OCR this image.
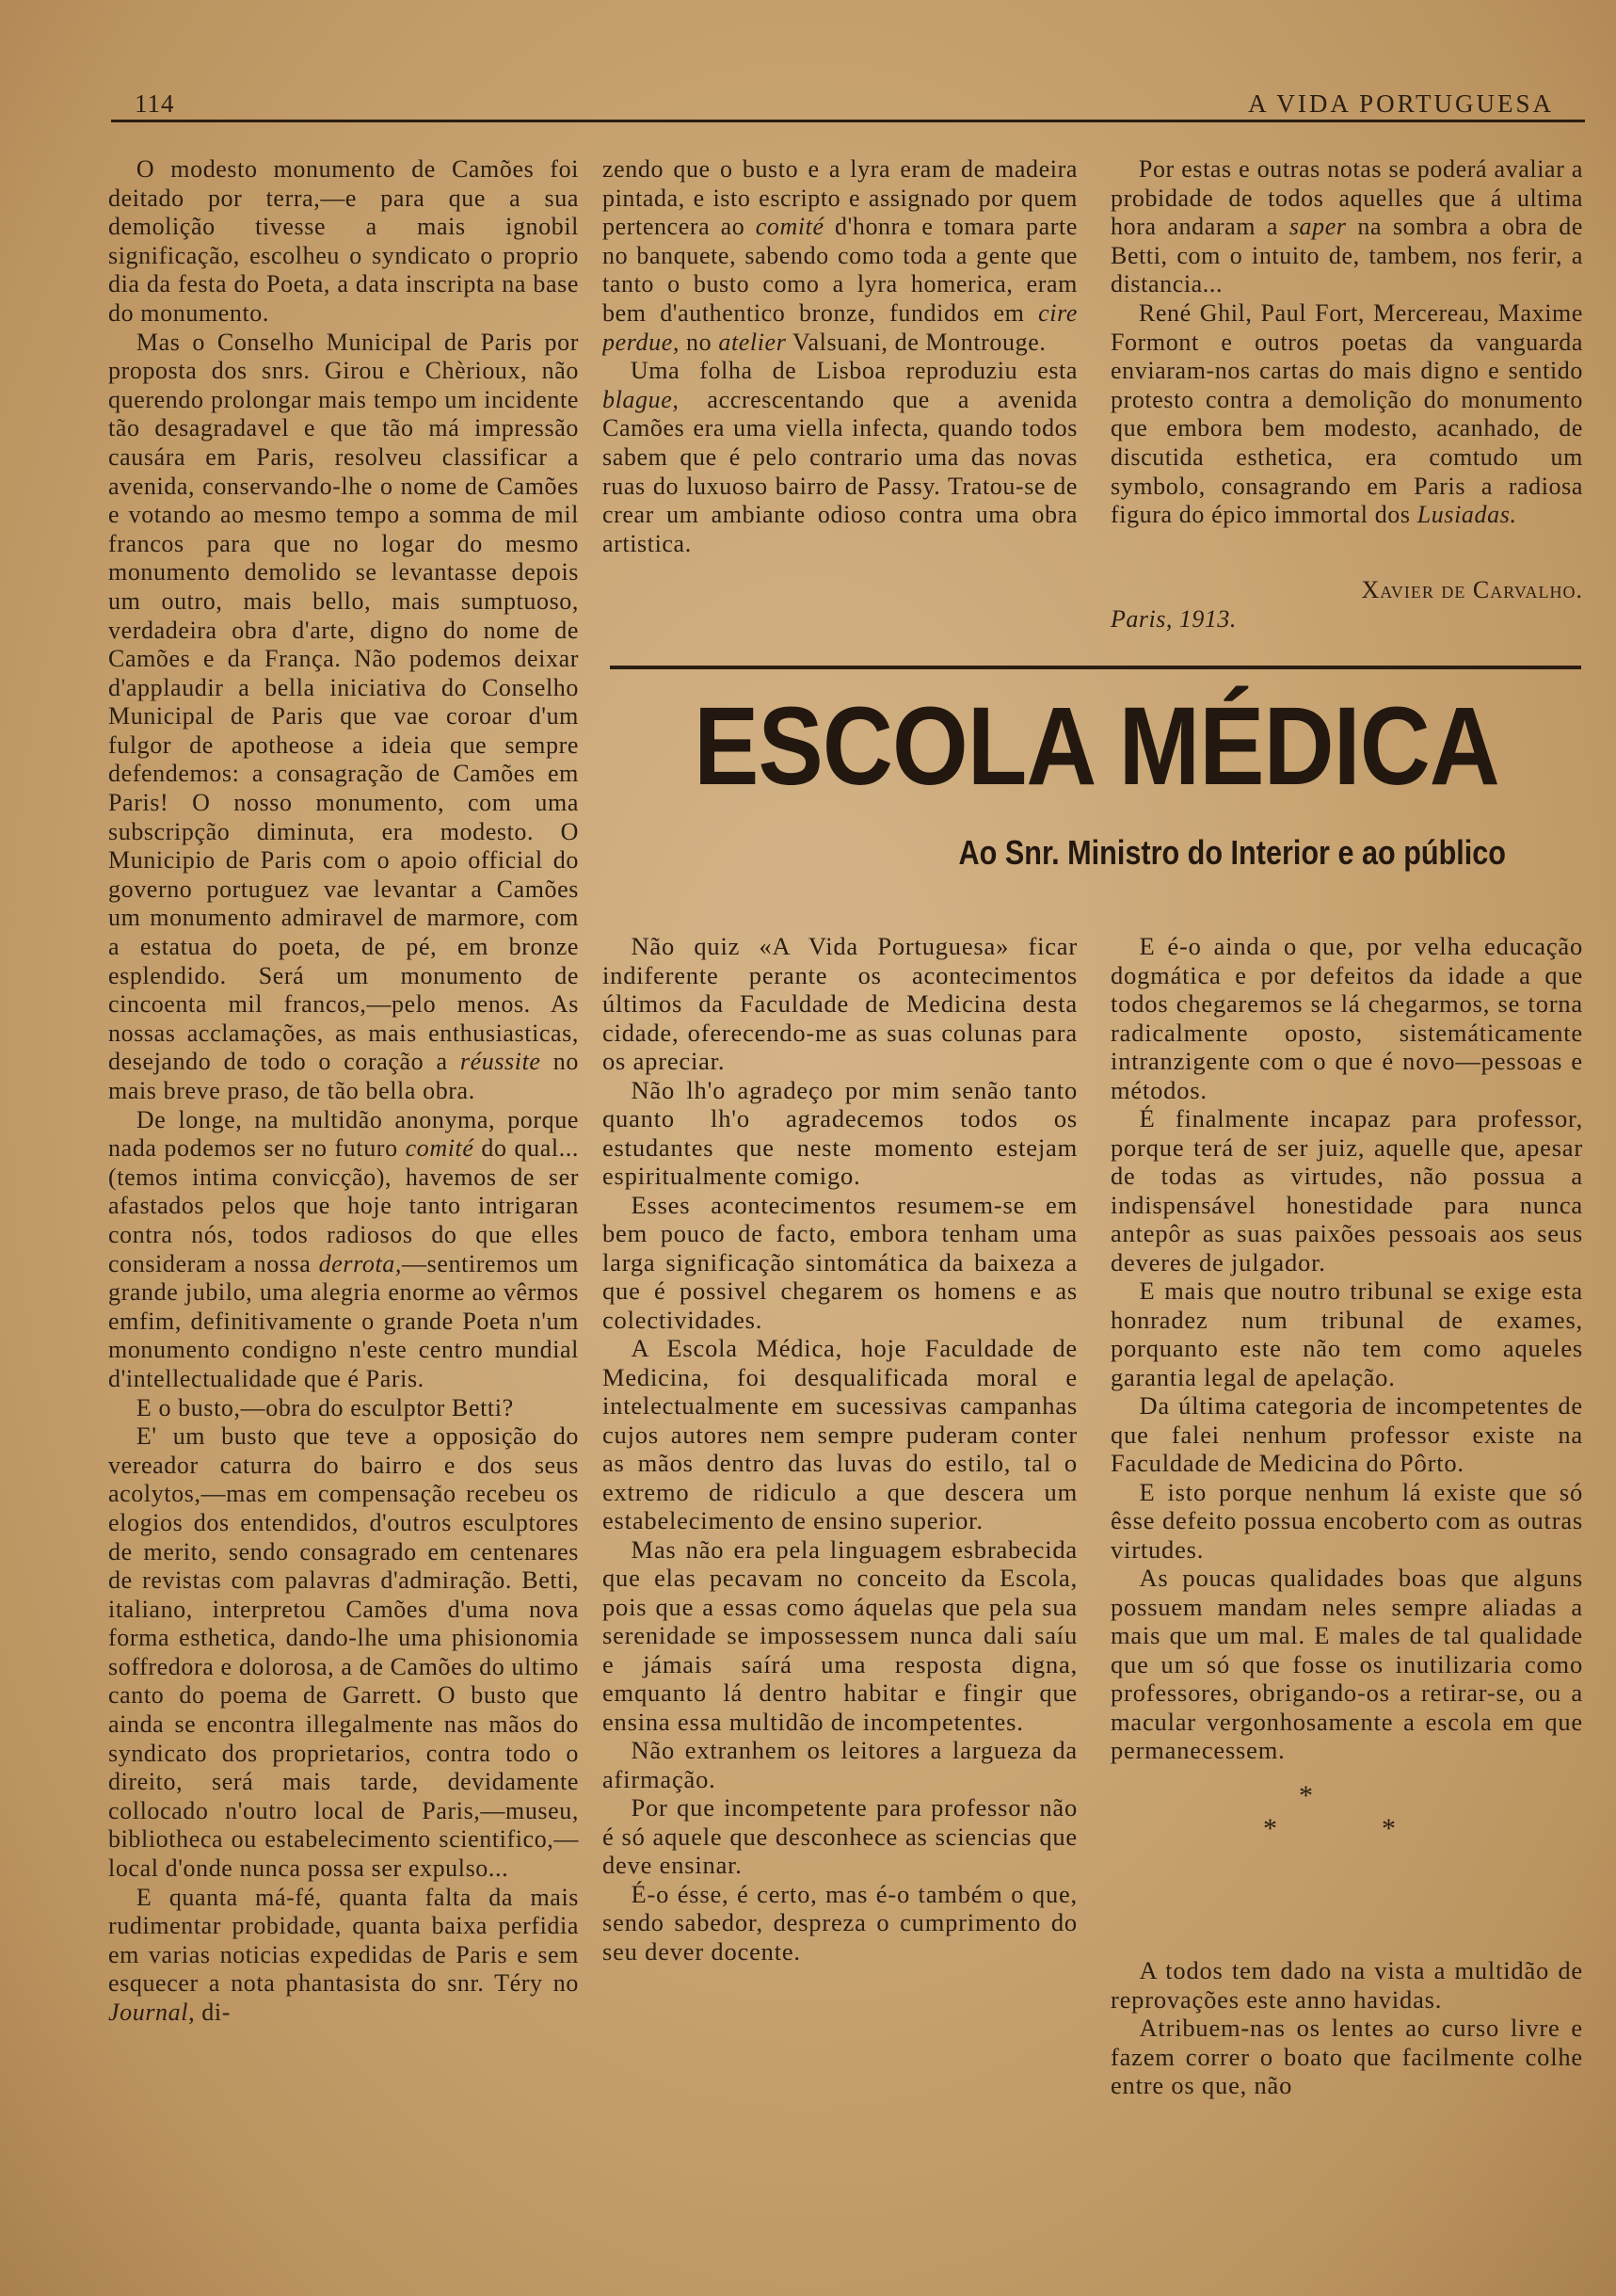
114	A VIDA PORTUGUESA

O modesto monumento de Camões foi deitado por terra,—e para que a sua demolição tivesse a mais ignobil significação, escolheu o syndicato o proprio dia da festa do Poeta, a data inscripta na base do monumento.

Mas o Conselho Municipal de Paris por proposta dos snrs. Girou e Chèrioux, não querendo prolongar mais tempo um incidente tão desagradavel e que tão má impressão causára em Paris, resolveu classificar a avenida, conservando-lhe o nome de Camões e votando ao mesmo tempo a somma de mil francos para que no logar do mesmo monumento demolido se levantasse depois um outro, mais bello, mais sumptuoso, verdadeira obra d'arte, digno do nome de Camões e da França. Não podemos deixar d'applaudir a bella iniciativa do Conselho Municipal de Paris que vae coroar d'um fulgor de apotheose a ideia que sempre defendemos: a consagração de Camões em Paris! O nosso monumento, com uma subscripção diminuta, era modesto. O Municipio de Paris com o apoio official do governo portuguez vae levantar a Camões um monumento admiravel de marmore, com a estatua do poeta, de pé, em bronze esplendido. Será um monumento de cincoenta mil francos,—pelo menos. As nossas acclamações, as mais enthusiasticas, desejando de todo o coração a réussite no mais breve praso, de tão bella obra.

De longe, na multidão anonyma, porque nada podemos ser no futuro comité do qual... (temos intima convicção), havemos de ser afastados pelos que hoje tanto intrigaran contra nós, todos radiosos do que elles consideram a nossa derrota,—sentiremos um grande jubilo, uma alegria enorme ao vêrmos emfim, definitivamente o grande Poeta n'um monumento condigno n'este centro mundial d'intellectualidade que é Paris.

E o busto,—obra do esculptor Betti?

E' um busto que teve a opposição do vereador caturra do bairro e dos seus acolytos,—mas em compensação recebeu os elogios dos entendidos, d'outros esculptores de merito, sendo consagrado em centenares de revistas com palavras d'admiração. Betti, italiano, interpretou Camões d'uma nova forma esthetica, dando-lhe uma phisionomia soffredora e dolorosa, a de Camões do ultimo canto do poema de Garrett. O busto que ainda se encontra illegalmente nas mãos do syndicato dos proprietarios, contra todo o direito, será mais tarde, devidamente collocado n'outro local de Paris,—museu, bibliotheca ou estabelecimento scientifico,—local d'onde nunca possa ser expulso...

E quanta má-fé, quanta falta da mais rudimentar probidade, quanta baixa perfidia em varias noticias expedidas de Paris e sem esquecer a nota phantasista do snr. Téry no Journal, di-

zendo que o busto e a lyra eram de madeira pintada, e isto escripto e assignado por quem pertencera ao comité d'honra e tomara parte no banquete, sabendo como toda a gente que tanto o busto como a lyra homerica, eram bem d'authentico bronze, fundidos em cire perdue, no atelier Valsuani, de Montrouge.

Uma folha de Lisboa reproduziu esta blague, accrescentando que a avenida Camões era uma viella infecta, quando todos sabem que é pelo contrario uma das novas ruas do luxuoso bairro de Passy. Tratou-se de crear um ambiante odioso contra uma obra artistica.

Por estas e outras notas se poderá avaliar a probidade de todos aquelles que á ultima hora andaram a saper na sombra a obra de Betti, com o intuito de, tambem, nos ferir, a distancia...

René Ghil, Paul Fort, Mercereau, Maxime Formont e outros poetas da vanguarda enviaram-nos cartas do mais digno e sentido protesto contra a demolição do monumento que embora bem modesto, acanhado, de discutida esthetica, era comtudo um symbolo, consagrando em Paris a radiosa figura do épico immortal dos Lusiadas.

Xavier de Carvalho.
Paris, 1913.
ESCOLA MÉDICA
Ao Snr. Ministro do Interior e ao público

Não quiz «A Vida Portuguesa» ficar indiferente perante os acontecimentos últimos da Faculdade de Medicina desta cidade, oferecendo-me as suas colunas para os apreciar.

Não lh'o agradeço por mim senão tanto quanto lh'o agradecemos todos os estudantes que neste momento estejam espiritualmente comigo.

Esses acontecimentos resumem-se em bem pouco de facto, embora tenham uma larga significação sintomática da baixeza a que é possivel chegarem os homens e as colectividades.

A Escola Médica, hoje Faculdade de Medicina, foi desqualificada moral e intelectualmente em sucessivas campanhas cujos autores nem sempre puderam conter as mãos dentro das luvas do estilo, tal o extremo de ridiculo a que descera um estabelecimento de ensino superior.

Mas não era pela linguagem esbrabecida que elas pecavam no conceito da Escola, pois que a essas como áquelas que pela sua serenidade se impossessem nunca dali saíu e jámais saírá uma resposta digna, emquanto lá dentro habitar e fingir que ensina essa multidão de incompetentes.

Não extranhem os leitores a largueza da afirmação.

Por que incompetente para professor não é só aquele que desconhece as sciencias que deve ensinar.

É-o ésse, é certo, mas é-o também o que, sendo sabedor, despreza o cumprimento do seu dever docente.

E é-o ainda o que, por velha educação dogmática e por defeitos da idade a que todos chegaremos se lá chegarmos, se torna radicalmente oposto, sistemáticamente intranzigente com o que é novo—pessoas e métodos.

É finalmente incapaz para professor, porque terá de ser juiz, aquelle que, apesar de todas as virtudes, não possua a indispensável honestidade para nunca antepôr as suas paixões pessoais aos seus deveres de julgador.

E mais que noutro tribunal se exige esta honradez num tribunal de exames, porquanto este não tem como aqueles garantia legal de apelação.

Da última categoria de incompetentes de que falei nenhum professor existe na Faculdade de Medicina do Pôrto.

E isto porque nenhum lá existe que só êsse defeito possua encoberto com as outras virtudes.

As poucas qualidades boas que alguns possuem mandam neles sempre aliadas a mais que um mal. E males de tal qualidade que um só que fosse os inutilizaria como professores, obrigando-os a retirar-se, ou a macular vergonhosamente a escola em que permanecessem.

*
*	*

A todos tem dado na vista a multidão de reprovações este anno havidas.

Atribuem-nas os lentes ao curso livre e fazem correr o boato que facilmente colhe entre os que, não
